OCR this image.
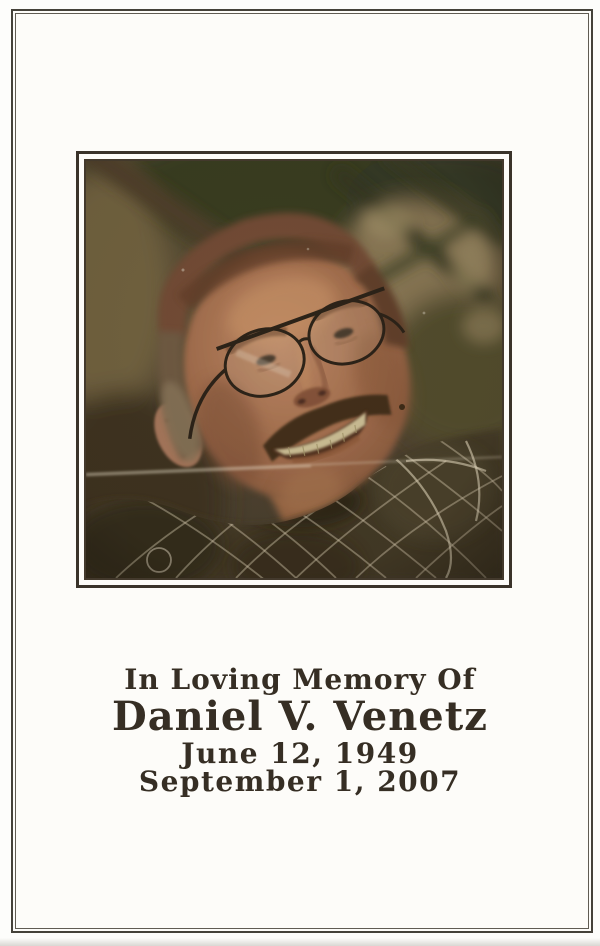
In Loving Memory Of
Daniel V. Venetz
June 12, 1949
September 1, 2007
